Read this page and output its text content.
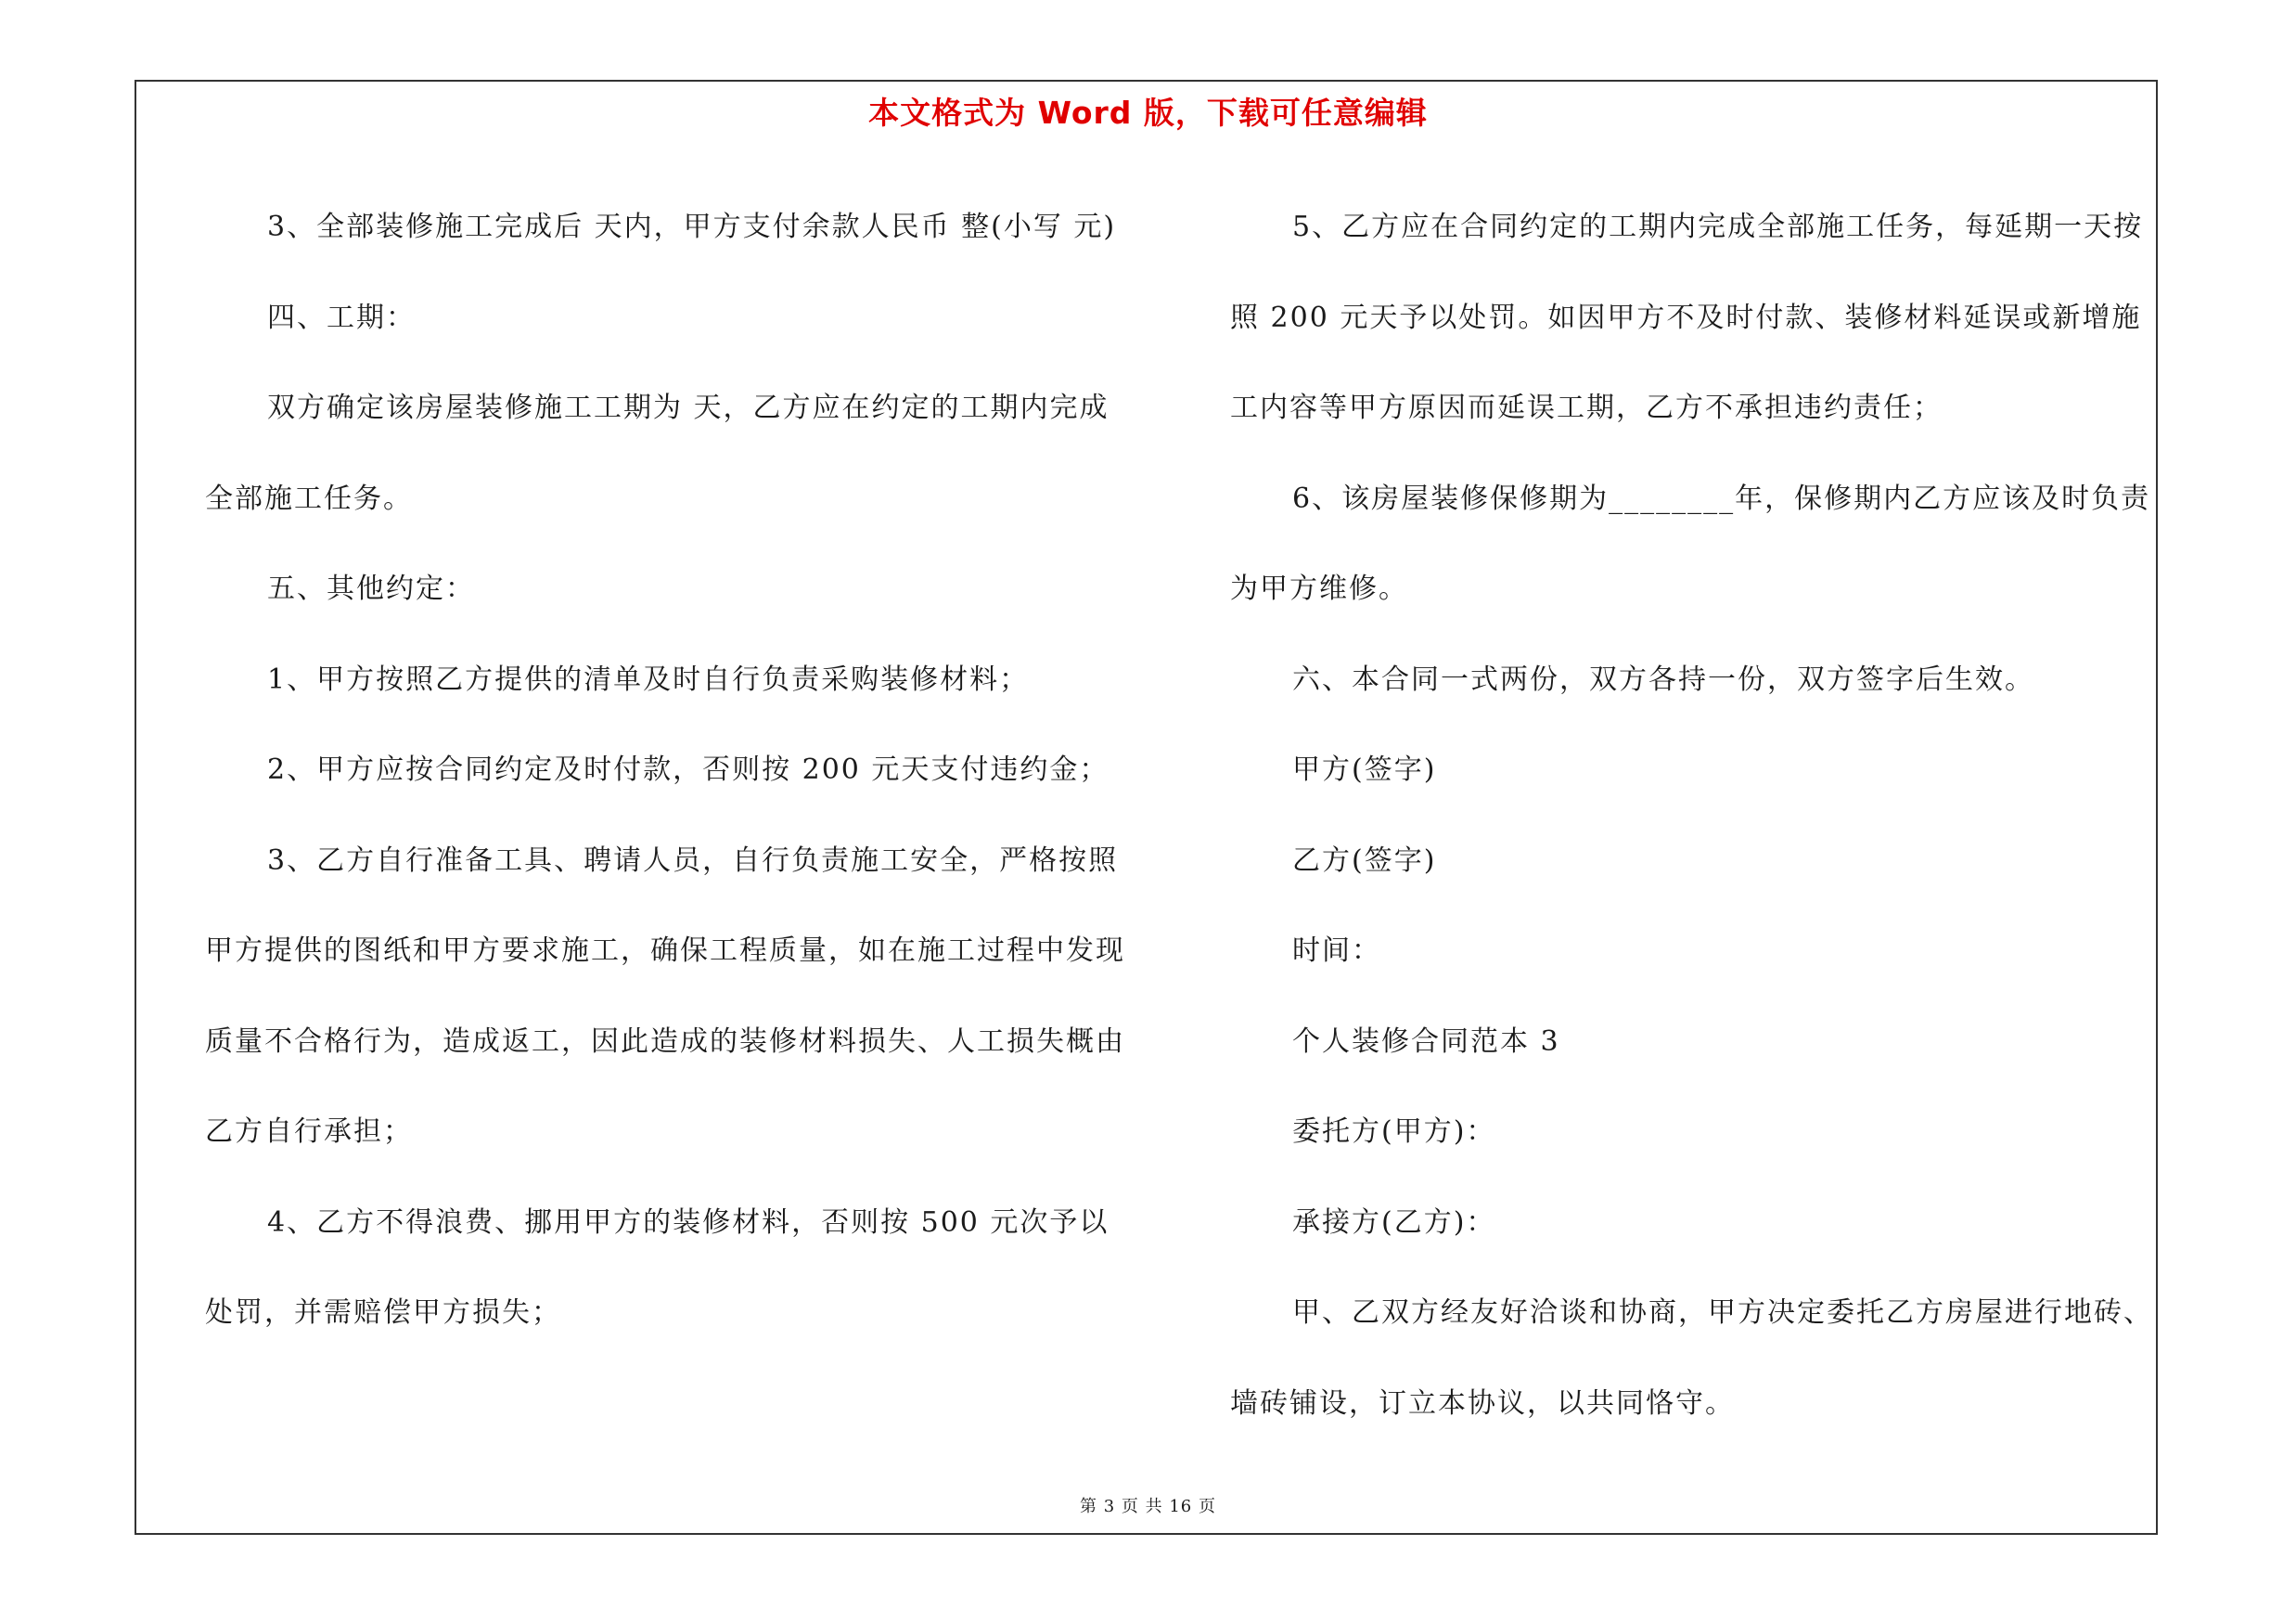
本文格式为 Word 版，下载可任意编辑

3、全部装修施工完成后 天内，甲方支付余款人民币 整(小写 元)

四、工期：

双方确定该房屋装修施工工期为 天，乙方应在约定的工期内完成全部施工任务。

五、其他约定：

1、甲方按照乙方提供的清单及时自行负责采购装修材料；

2、甲方应按合同约定及时付款，否则按 200 元天支付违约金；

3、乙方自行准备工具、聘请人员，自行负责施工安全，严格按照甲方提供的图纸和甲方要求施工，确保工程质量，如在施工过程中发现质量不合格行为，造成返工，因此造成的装修材料损失、人工损失概由乙方自行承担；

4、乙方不得浪费、挪用甲方的装修材料，否则按 500 元次予以处罚，并需赔偿甲方损失；

5、乙方应在合同约定的工期内完成全部施工任务，每延期一天按照 200 元天予以处罚。如因甲方不及时付款、装修材料延误或新增施工内容等甲方原因而延误工期，乙方不承担违约责任；

6、该房屋装修保修期为________年，保修期内乙方应该及时负责为甲方维修。

六、本合同一式两份，双方各持一份，双方签字后生效。

甲方(签字)

乙方(签字)

时间：

个人装修合同范本 3

委托方(甲方)：

承接方(乙方)：

甲、乙双方经友好洽谈和协商，甲方决定委托乙方房屋进行地砖、墙砖铺设，订立本协议，以共同恪守。

第 3 页 共 16 页
